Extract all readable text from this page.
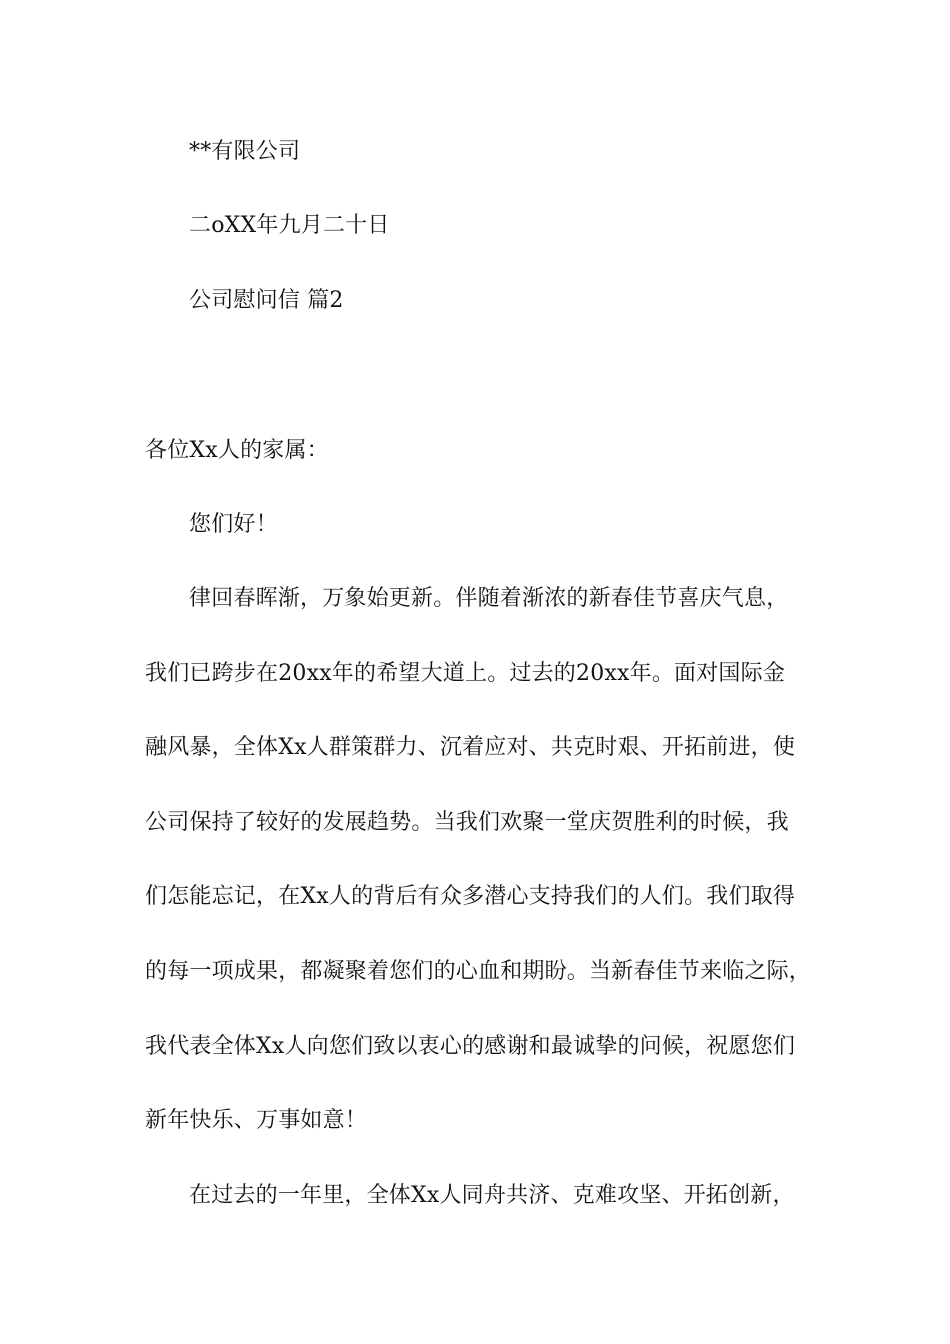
**有限公司
二oXX年九月二十日
公司慰问信 篇2
各位Xx人的家属：
您们好！
律回春晖渐，万象始更新。伴随着渐浓的新春佳节喜庆气息，
我们已跨步在20xx年的希望大道上。过去的20xx年。面对国际金
融风暴，全体Xx人群策群力、沉着应对、共克时艰、开拓前进，使
公司保持了较好的发展趋势。当我们欢聚一堂庆贺胜利的时候，我
们怎能忘记，在Xx人的背后有众多潜心支持我们的人们。我们取得
的每一项成果，都凝聚着您们的心血和期盼。当新春佳节来临之际，
我代表全体Xx人向您们致以衷心的感谢和最诚挚的问候，祝愿您们
新年快乐、万事如意！
在过去的一年里，全体Xx人同舟共济、克难攻坚、开拓创新，
